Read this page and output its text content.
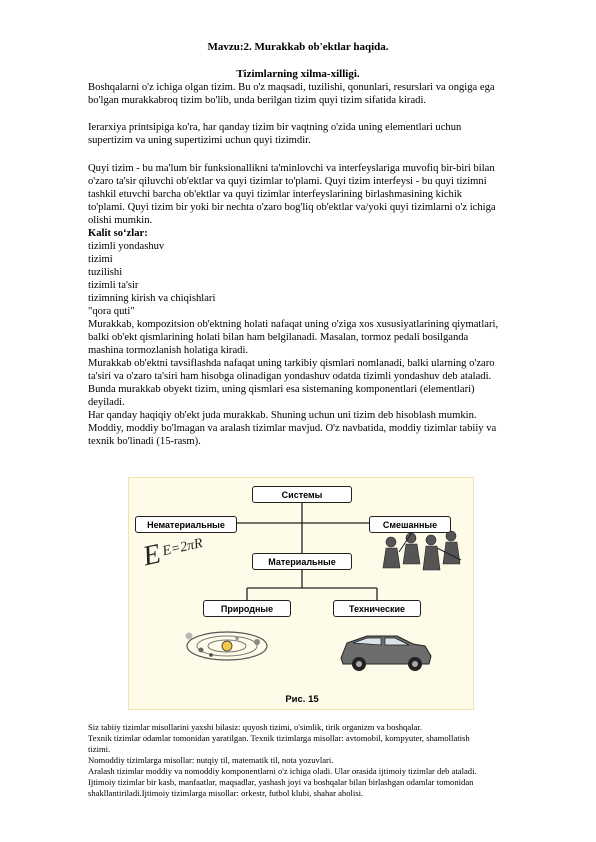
Mavzu:2. Murakkab ob'ektlar haqida.
Tizimlarning xilma-xilligi.
Boshqalarni o'z ichiga olgan tizim. Bu o'z maqsadi, tuzilishi, qonunlari, resurslari va ongiga ega
bo'lgan murakkabroq tizim bo'lib, unda berilgan tizim quyi tizim sifatida kiradi.
Ierarxiya printsipiga ko'ra, har qanday tizim bir vaqtning o'zida uning elementlari uchun
supertizim va uning supertizimi uchun quyi tizimdir.
Quyi tizim - bu ma'lum bir funksionallikni ta'minlovchi va interfeyslariga muvofiq bir-biri bilan
o'zaro ta'sir qiluvchi ob'ektlar va quyi tizimlar to'plami. Quyi tizim interfeysi - bu quyi tizimni
tashkil etuvchi barcha ob'ektlar va quyi tizimlar interfeyslarining birlashmasining kichik
to'plami. Quyi tizim bir yoki bir nechta o'zaro bog'liq ob'ektlar va/yoki quyi tizimlarni o'z ichiga
olishi mumkin.
Kalit so‘zlar:
tizimli yondashuv
tizimi
tuzilishi
tizimli ta'sir
tizimning kirish va chiqishlari
"qora quti"
Murakkab, kompozitsion ob'ektning holati nafaqat uning o'ziga xos xususiyatlarining qiymatlari,
balki ob'ekt qismlarining holati bilan ham belgilanadi. Masalan, tormoz pedali bosilganda
mashina tormozlanish holatiga kiradi.
Murakkab ob'ektni tavsiflashda nafaqat uning tarkibiy qismlari nomlanadi, balki ularning o'zaro
ta'siri va o'zaro ta'siri ham hisobga olinadigan yondashuv odatda tizimli yondashuv deb ataladi.
Bunda murakkab obyekt tizim, uning qismlari esa sistemaning komponentlari (elementlari)
deyiladi.
Har qanday haqiqiy ob'ekt juda murakkab. Shuning uchun uni tizim deb hisoblash mumkin.
Moddiy, moddiy bo'lmagan va aralash tizimlar mavjud. O'z navbatida, moddiy tizimlar tabiiy va
texnik bo'linadi (15-rasm).
E
E=2πR
Системы
Нематериальные	Смешанные
Материальные
Природные	Технические
Рис. 15
Siz tabiiy tizimlar misollarini yaxshi bilasiz: quyosh tizimi, o'simlik, tirik organizm va boshqalar.
Texnik tizimlar odamlar tomonidan yaratilgan. Texnik tizimlarga misollar: avtomobil, kompyuter, shamollatish
tizimi.
Nomoddiy tizimlarga misollar: nutqiy til, matematik til, nota yozuvlari.
Aralash tizimlar moddiy va nomoddiy komponentlarni o'z ichiga oladi. Ular orasida ijtimoiy tizimlar deb ataladi.
Ijtimoiy tizimlar bir kasb, manfaatlar, maqsadlar, yashash joyi va boshqalar bilan birlashgan odamlar tomonidan
shakllantiriladi.Ijtimoiy tizimlarga misollar: orkestr, futbol klubi, shahar aholisi.
